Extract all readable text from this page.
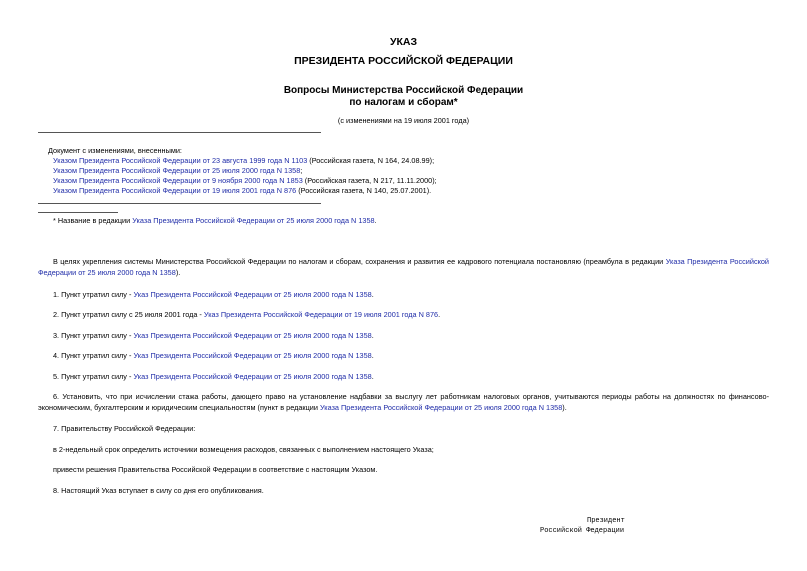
УКАЗ
ПРЕЗИДЕНТА РОССИЙСКОЙ ФЕДЕРАЦИИ
Вопросы Министерства Российской Федерации
по налогам и сборам*
(с изменениями на 19 июля 2001 года)
Документ с изменениями, внесенными:
Указом Президента Российской Федерации от 23 августа 1999 года N 1103 (Российская газета, N 164, 24.08.99);
Указом Президента Российской Федерации от 25 июля 2000 года N 1358;
Указом Президента Российской Федерации от 9 ноября 2000 года N 1853 (Российская газета, N 217, 11.11.2000);
Указом Президента Российской Федерации от 19 июля 2001 года N 876 (Российская газета, N 140, 25.07.2001).
* Название в редакции Указа Президента Российской Федерации от 25 июля 2000 года N 1358.
В целях укрепления системы Министерства Российской Федерации по налогам и сборам, сохранения и развития ее кадрового потенциала постановляю (преамбула в редакции Указа Президента Российской Федерации от 25 июля 2000 года N 1358).
1. Пункт утратил силу - Указ Президента Российской Федерации от 25 июля 2000 года N 1358.
2. Пункт утратил силу с 25 июля 2001 года - Указ Президента Российской Федерации от 19 июля 2001 года N 876.
3. Пункт утратил силу - Указ Президента Российской Федерации от 25 июля 2000 года N 1358.
4. Пункт утратил силу - Указ Президента Российской Федерации от 25 июля 2000 года N 1358.
5. Пункт утратил силу - Указ Президента Российской Федерации от 25 июля 2000 года N 1358.
6. Установить, что при исчислении стажа работы, дающего право на установление надбавки за выслугу лет работникам налоговых органов, учитываются периоды работы на должностях по финансово-экономическим, бухгалтерским и юридическим специальностям (пункт в редакции Указа Президента Российской Федерации от 25 июля 2000 года N 1358).
7. Правительству Российской Федерации:
в 2-недельный срок определить источники возмещения расходов, связанных с выполнением настоящего Указа;
привести решения Правительства Российской Федерации в соответствие с настоящим Указом.
8. Настоящий Указ вступает в силу со дня его опубликования.
Президент
Российской Федерации
